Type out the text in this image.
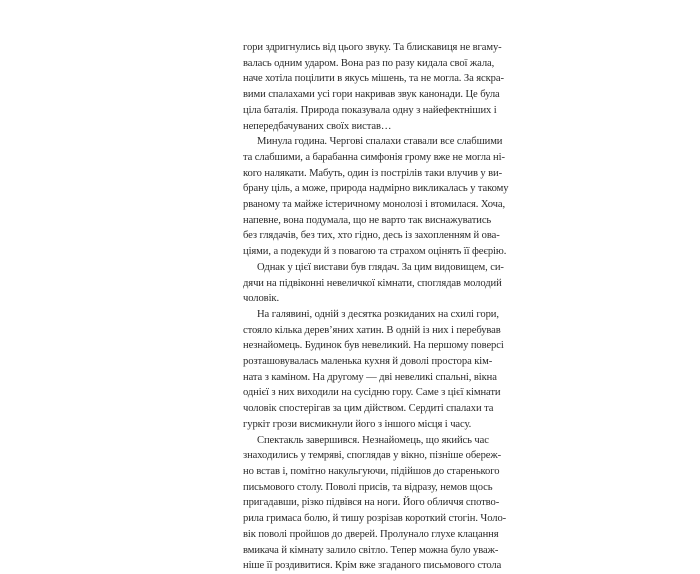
гори здригнулись від цього звуку. Та блискавиця не вгаму-
валась одним ударом. Вона раз по разу кидала свої жала,
наче хотіла поцілити в якусь мішень, та не могла. За яскра-
вими спалахами усі гори накривав звук канонади. Це була
ціла баталія. Природа показувала одну з найефектніших і
непередбачуваних своїх вистав…
Минула година. Чергові спалахи ставали все слабшими
та слабшими, а барабанна симфонія грому вже не могла ні-
кого налякати. Мабуть, один із пострілів таки влучив у ви-
брану ціль, а може, природа надмірно викликалась у такому
рваному та майже істеричному монолозі і втомилася. Хоча,
напевне, вона подумала, що не варто так виснажуватись
без глядачів, без тих, хто гідно, десь із захопленням й ова-
ціями, а подекуди й з повагою та страхом оцінять її феєрію.
Однак у цієї вистави був глядач. За цим видовищем, си-
дячи на підвіконні невеличкої кімнати, споглядав молодий
чоловік.
На галявині, одній з десятка розкиданих на схилі гори,
стояло кілька дерев’яних хатин. В одній із них і перебував
незнайомець. Будинок був невеликий. На першому поверсі
розташовувалась маленька кухня й доволі простора кім-
ната з каміном. На другому — дві невеликі спальні, вікна
однієї з них виходили на сусідню гору. Саме з цієї кімнати
чоловік спостерігав за цим дійством. Сердиті спалахи та
гуркіт грози висмикнули його з іншого місця і часу.
Спектакль завершився. Незнайомець, що якийсь час
знаходились у темряві, споглядав у вікно, пізніше обереж-
но встав і, помітно накульгуючи, підійшов до старенького
письмового столу. Поволі присів, та відразу, немов щось
пригадавши, різко підвівся на ноги. Його обличчя спотво-
рила гримаса болю, й тишу розрізав короткий стогін. Чоло-
вік поволі пройшов до дверей. Пролунало глухе клацання
вмикача й кімнату залило світло. Тепер можна було уваж-
ніше її роздивитися. Крім вже згаданого письмового стола
